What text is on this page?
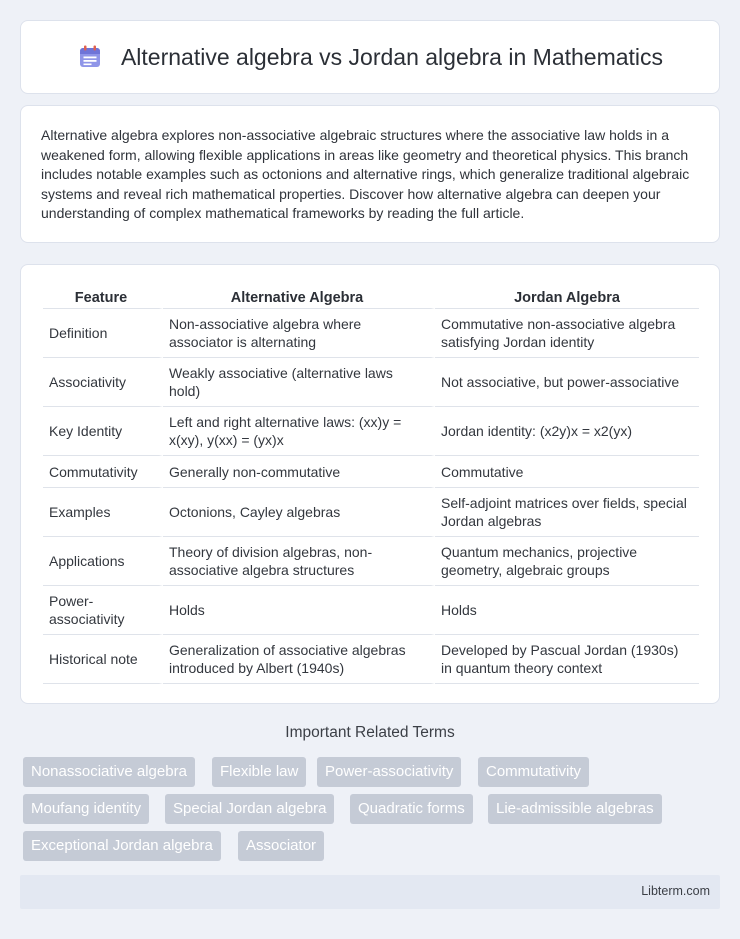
Alternative algebra vs Jordan algebra in Mathematics

Alternative algebra explores non-associative algebraic structures where the associative law holds in a weakened form, allowing flexible applications in areas like geometry and theoretical physics. This branch includes notable examples such as octonions and alternative rings, which generalize traditional algebraic systems and reveal rich mathematical properties. Discover how alternative algebra can deepen your understanding of complex mathematical frameworks by reading the full article.

Feature	Alternative Algebra	Jordan Algebra
Definition	Non-associative algebra where associator is alternating	Commutative non-associative algebra satisfying Jordan identity
Associativity	Weakly associative (alternative laws hold)	Not associative, but power-associative
Key Identity	Left and right alternative laws: (xx)y = x(xy), y(xx) = (yx)x	Jordan identity: (x2y)x = x2(yx)
Commutativity	Generally non-commutative	Commutative
Examples	Octonions, Cayley algebras	Self-adjoint matrices over fields, special Jordan algebras
Applications	Theory of division algebras, non-associative algebra structures	Quantum mechanics, projective geometry, algebraic groups
Power-associativity	Holds	Holds
Historical note	Generalization of associative algebras introduced by Albert (1940s)	Developed by Pascual Jordan (1930s) in quantum theory context
Important Related Terms
Nonassociative algebra	Flexible law	Power-associativity	Commutativity
Moufang identity	Special Jordan algebra	Quadratic forms	Lie-admissible algebras
Exceptional Jordan algebra	Associator
Libterm.com
